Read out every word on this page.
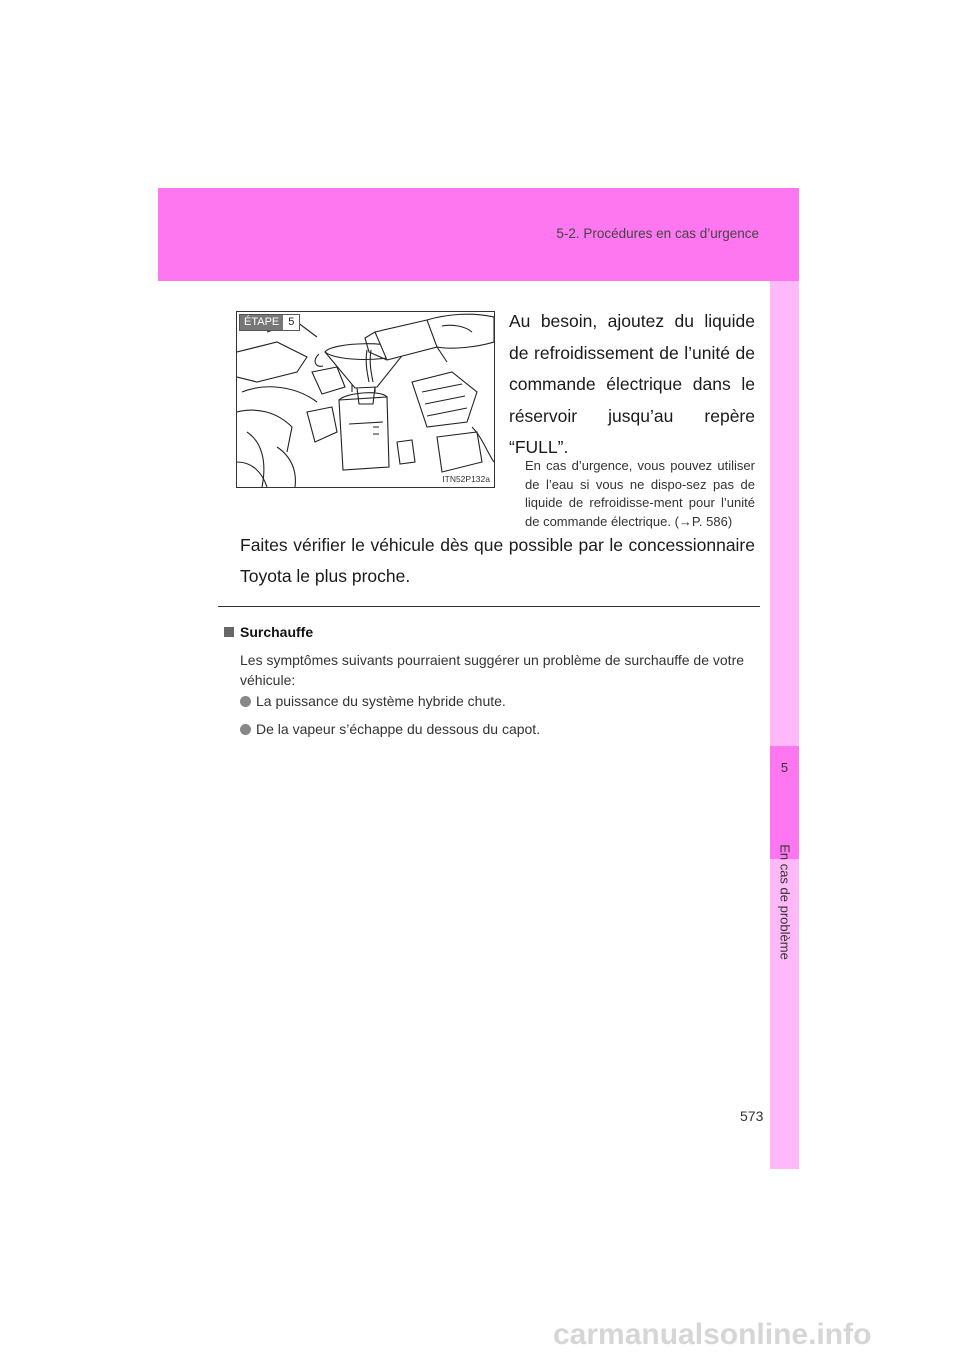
5-2. Procédures en cas d’urgence
5
En cas de problème
ÉTAPE 5
ITN52P132a
Au besoin, ajoutez du liquide de refroidissement de l’unité de commande électrique dans le réservoir jusqu’au repère “FULL”.
En cas d’urgence, vous pouvez utiliser de l’eau si vous ne dispo-sez pas de liquide de refroidisse-ment pour l’unité de commande électrique. (→P. 586)
Faites vérifier le véhicule dès que possible par le concessionnaire Toyota le plus proche.
Surchauffe
Les symptômes suivants pourraient suggérer un problème de surchauffe de votre véhicule:
La puissance du système hybride chute.
De la vapeur s’échappe du dessous du capot.
573
carmanualsonline.info
